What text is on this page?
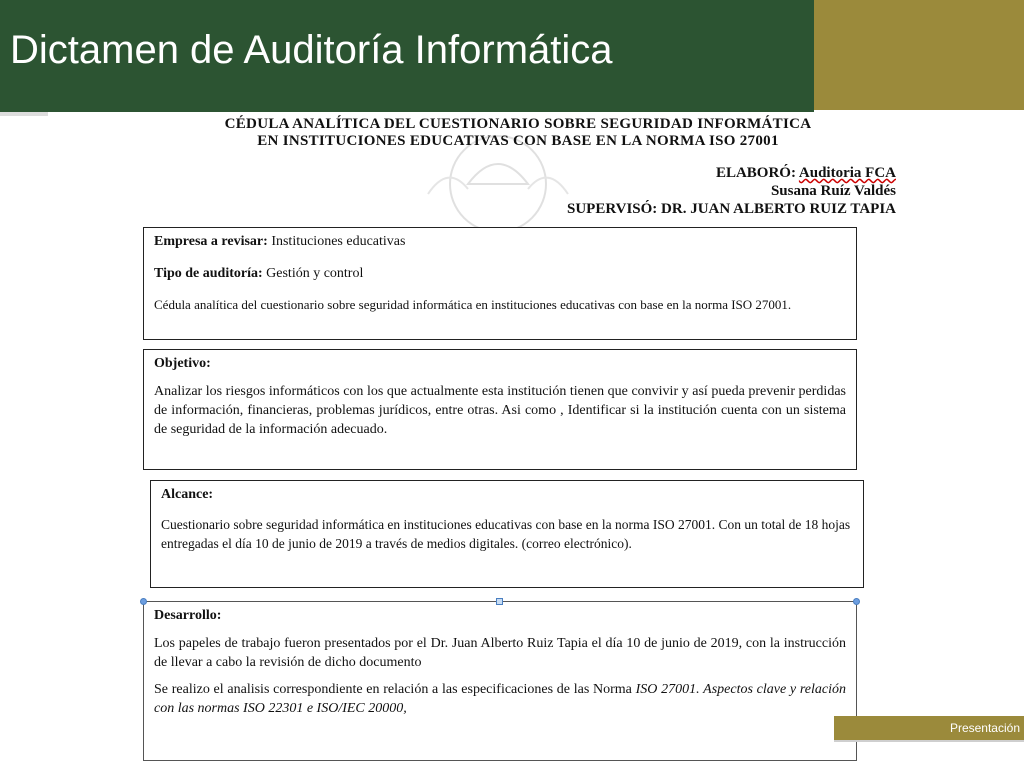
Dictamen de Auditoría Informática
CÉDULA ANALÍTICA DEL CUESTIONARIO SOBRE SEGURIDAD INFORMÁTICA
EN INSTITUCIONES EDUCATIVAS CON BASE EN LA NORMA ISO 27001
ELABORÓ: Auditoria FCA
Susana Ruíz Valdés
SUPERVISÓ: DR. JUAN ALBERTO RUIZ TAPIA

Empresa a revisar: Instituciones educativas

Tipo de auditoría: Gestión y control

Cédula analítica del cuestionario sobre seguridad informática en instituciones educativas con base en la norma ISO 27001.

Objetivo:

Analizar los riesgos informáticos con los que actualmente esta institución tienen que convivir y así pueda prevenir perdidas de información, financieras, problemas jurídicos, entre otras. Asi como , Identificar si la institución cuenta con un sistema de seguridad de la información adecuado.

Alcance:

Cuestionario sobre seguridad informática en instituciones educativas con base en la norma ISO 27001. Con un total de 18 hojas entregadas el día 10 de junio de 2019 a través de medios digitales. (correo electrónico).

Desarrollo:

Los papeles de trabajo fueron presentados por el Dr. Juan Alberto Ruiz Tapia el día 10 de junio de 2019, con la instrucción de llevar a cabo la revisión de dicho documento

Se realizo el analisis correspondiente en relación a las especificaciones de las Norma ISO 27001. Aspectos clave y relación con las normas ISO 22301 e ISO/IEC 20000,

Presentación
